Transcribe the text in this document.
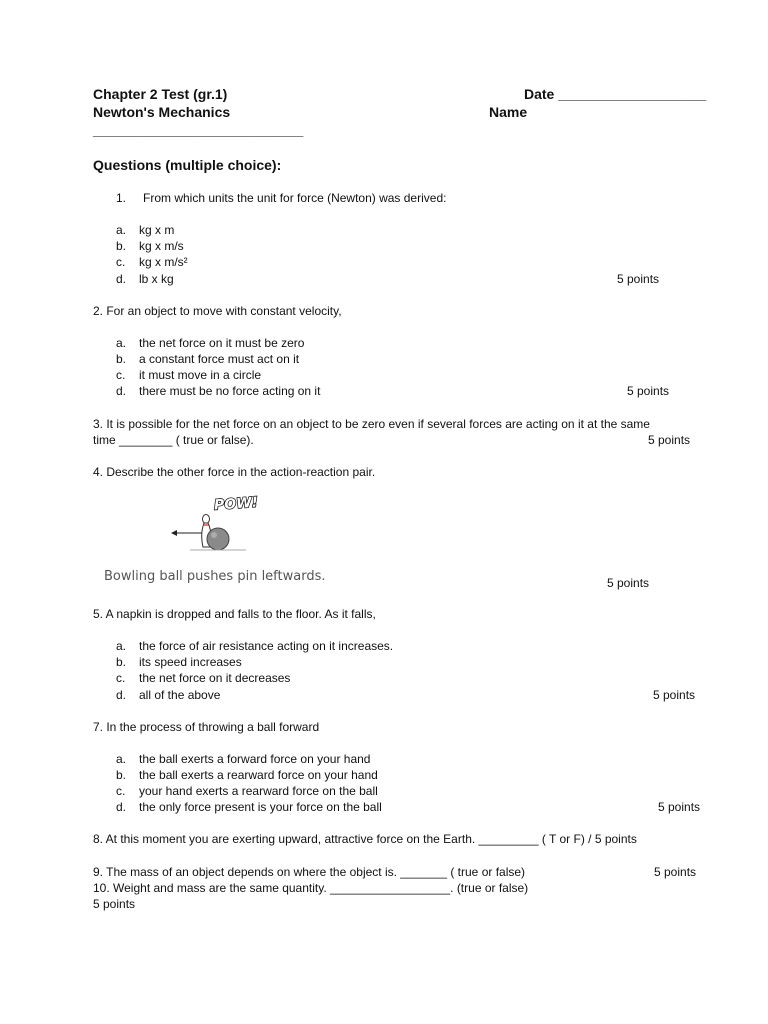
Chapter 2 Test (gr.1)
Newton's Mechanics
___________________________
Date ___________________
Name
Questions (multiple choice):
1. From which units the unit for force (Newton) was derived:
a. kg x m
b. kg x m/s
c. kg x m/s²
d. lb x kg	5 points
2. For an object to move with constant velocity,
a. the net force on it must be zero
b. a constant force must act on it
c. it must move in a circle
d. there must be no force acting on it	5 points
3. It is possible for the net force on an object to be zero even if several forces are acting on it at the same
time ________ ( true or false).	5 points
4. Describe the other force in the action-reaction pair.
POW!
Bowling ball pushes pin leftwards.	5 points
5. A napkin is dropped and falls to the floor. As it falls,
a. the force of air resistance acting on it increases.
b. its speed increases
c. the net force on it decreases
d. all of the above	5 points
7. In the process of throwing a ball forward
a. the ball exerts a forward force on your hand
b. the ball exerts a rearward force on your hand
c. your hand exerts a rearward force on the ball
d. the only force present is your force on the ball	5 points
8. At this moment you are exerting upward, attractive force on the Earth. _________ ( T or F) / 5 points
9. The mass of an object depends on where the object is. _______ ( true or false)	5 points
10. Weight and mass are the same quantity. __________________. (true or false)
5 points
